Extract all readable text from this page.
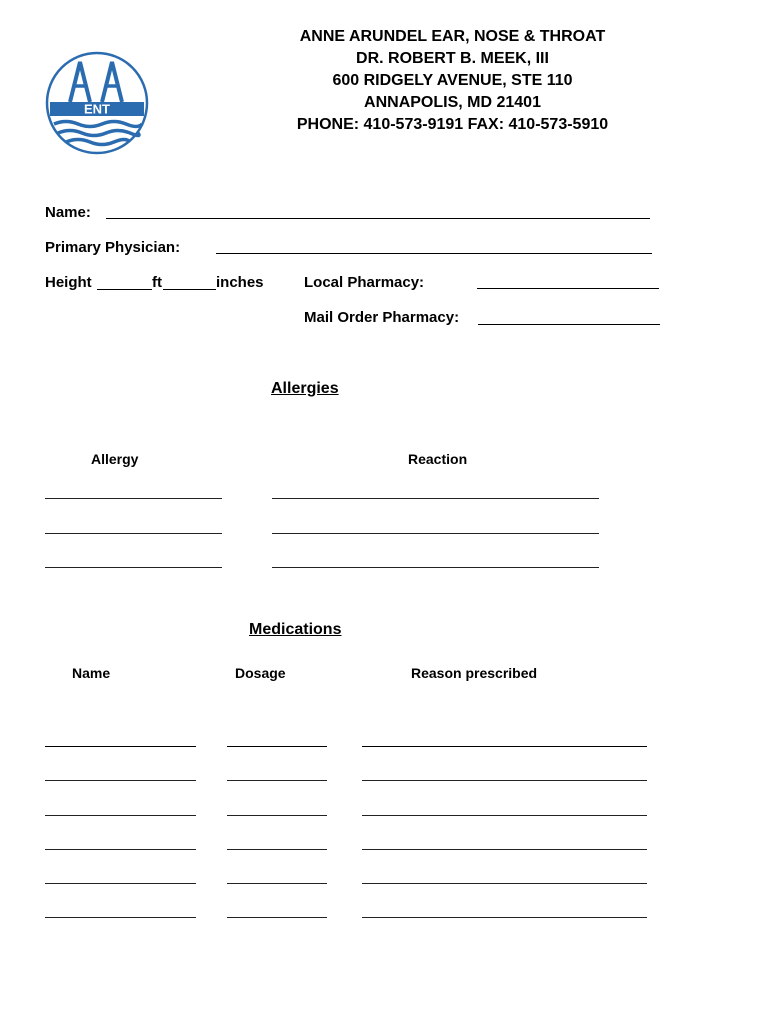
ENT
ANNE ARUNDEL EAR, NOSE & THROAT
DR. ROBERT B. MEEK, III
600 RIDGELY AVENUE, STE 110
ANNAPOLIS, MD 21401
PHONE: 410-573-9191 FAX: 410-573-5910
Name:
Primary Physician:
Height	ft	inches	Local Pharmacy:
Mail Order Pharmacy:
Allergies
Allergy	Reaction
Medications
Name	Dosage	Reason prescribed
